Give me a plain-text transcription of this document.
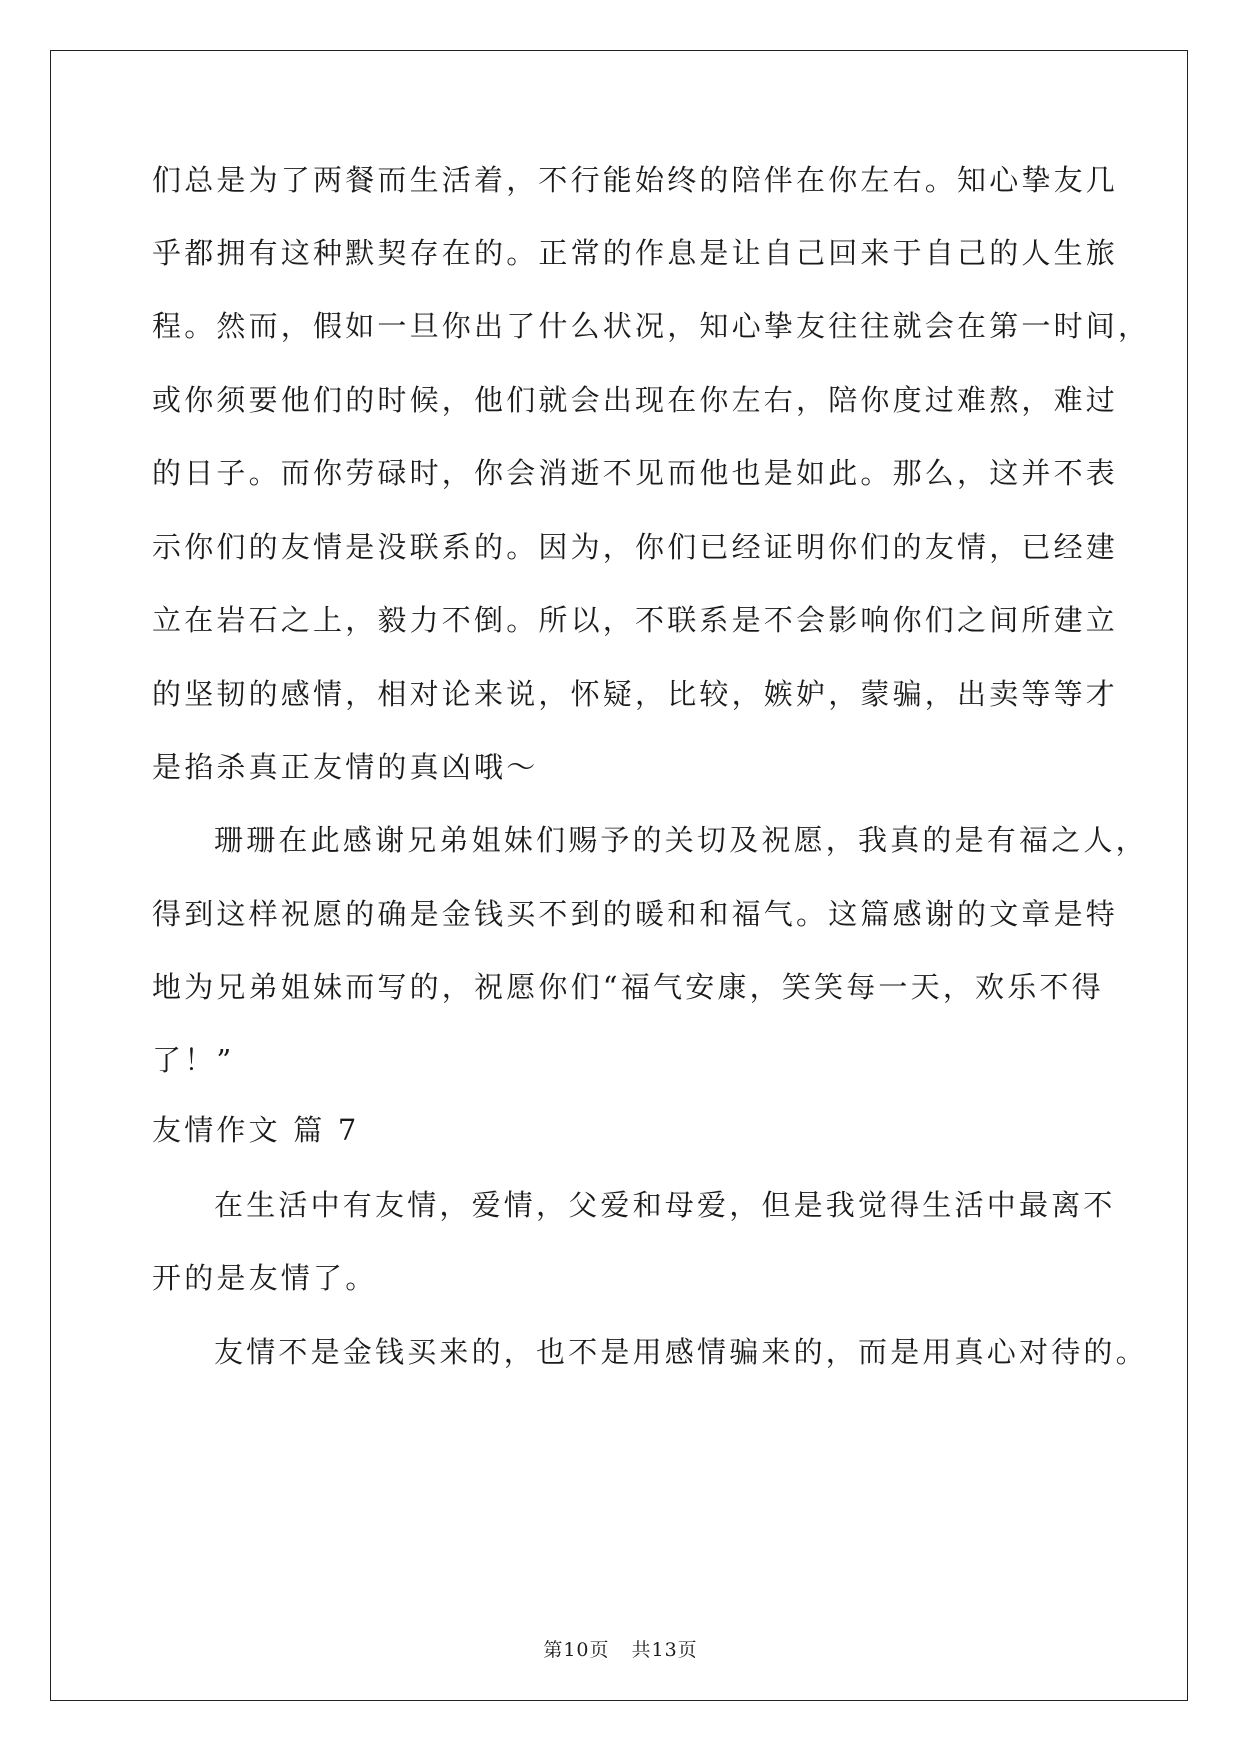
们总是为了两餐而生活着，不行能始终的陪伴在你左右。知心挚友几
乎都拥有这种默契存在的。正常的作息是让自己回来于自己的人生旅
程。然而，假如一旦你出了什么状况，知心挚友往往就会在第一时间，
或你须要他们的时候，他们就会出现在你左右，陪你度过难熬，难过
的日子。而你劳碌时，你会消逝不见而他也是如此。那么，这并不表
示你们的友情是没联系的。因为，你们已经证明你们的友情，已经建
立在岩石之上，毅力不倒。所以，不联系是不会影响你们之间所建立
的坚韧的感情，相对论来说，怀疑，比较，嫉妒，蒙骗，出卖等等才
是掐杀真正友情的真凶哦～
珊珊在此感谢兄弟姐妹们赐予的关切及祝愿，我真的是有福之人，
得到这样祝愿的确是金钱买不到的暖和和福气。这篇感谢的文章是特
地为兄弟姐妹而写的，祝愿你们“福气安康，笑笑每一天，欢乐不得
了！”
友情作文 篇 7
在生活中有友情，爱情，父爱和母爱，但是我觉得生活中最离不
开的是友情了。
友情不是金钱买来的，也不是用感情骗来的，而是用真心对待的。
第10页 共13页
